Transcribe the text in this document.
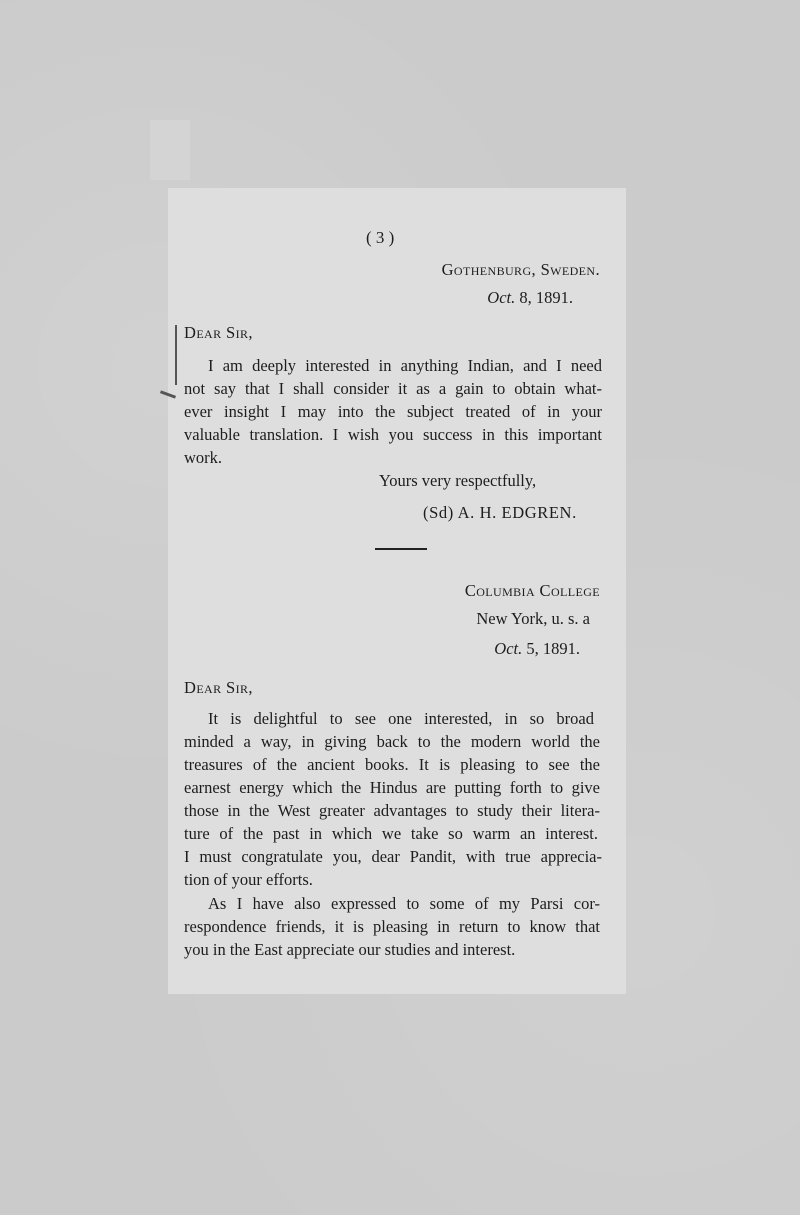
( 3 )
Gothenburg, Sweden.
Oct. 8, 1891.
Dear Sir,
I am deeply interested in anything Indian, and I need
not say that I shall consider it as a gain to obtain what-
ever insight I may into the subject treated of in your
valuable translation. I wish you success in this important
work.
Yours very respectfully,
(Sd) A. H. EDGREN.
Columbia College
New York, u. s. a
Oct. 5, 1891.
Dear Sir,
It is delightful to see one interested, in so broad
minded a way, in giving back to the modern world the
treasures of the ancient books. It is pleasing to see the
earnest energy which the Hindus are putting forth to give
those in the West greater advantages to study their litera-
ture of the past in which we take so warm an interest.
I must congratulate you, dear Pandit, with true apprecia-
tion of your efforts.
As I have also expressed to some of my Parsi cor-
respondence friends, it is pleasing in return to know that
you in the East appreciate our studies and interest.
